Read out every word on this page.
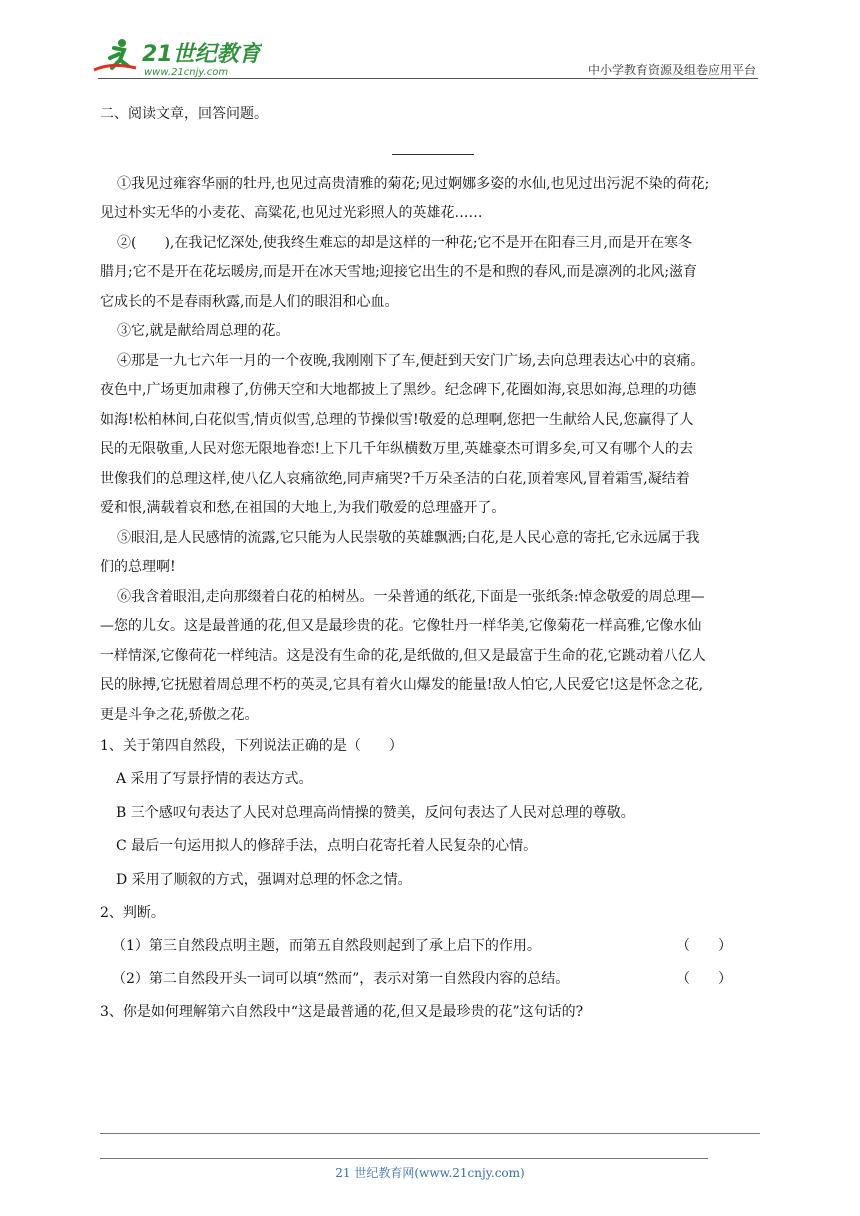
21世纪教育
www.21cnjy.com	中小学教育资源及组卷应用平台
二、阅读文章，回答问题。
①我见过雍容华丽的牡丹,也见过高贵清雅的菊花;见过婀娜多姿的水仙,也见过出污泥不染的荷花;
见过朴实无华的小麦花、高粱花,也见过光彩照人的英雄花……
②(　　),在我记忆深处,使我终生难忘的却是这样的一种花;它不是开在阳春三月,而是开在寒冬
腊月;它不是开在花坛暖房,而是开在冰天雪地;迎接它出生的不是和煦的春风,而是凛冽的北风;滋育
它成长的不是春雨秋露,而是人们的眼泪和心血。
③它,就是献给周总理的花。
④那是一九七六年一月的一个夜晚,我刚刚下了车,便赶到天安门广场,去向总理表达心中的哀痛。
夜色中,广场更加肃穆了,仿佛天空和大地都披上了黑纱。纪念碑下,花圈如海,哀思如海,总理的功德
如海!松柏林间,白花似雪,情贞似雪,总理的节操似雪!敬爱的总理啊,您把一生献给人民,您赢得了人
民的无限敬重,人民对您无限地眷恋!上下几千年纵横数万里,英雄豪杰可谓多矣,可又有哪个人的去
世像我们的总理这样,使八亿人哀痛欲绝,同声痛哭?千万朵圣洁的白花,顶着寒风,冒着霜雪,凝结着
爱和恨,满载着哀和愁,在祖国的大地上,为我们敬爱的总理盛开了。
⑤眼泪,是人民感情的流露,它只能为人民崇敬的英雄飘洒;白花,是人民心意的寄托,它永远属于我
们的总理啊!
⑥我含着眼泪,走向那缀着白花的柏树丛。一朵普通的纸花,下面是一张纸条:悼念敬爱的周总理—
—您的儿女。这是最普通的花,但又是最珍贵的花。它像牡丹一样华美,它像菊花一样高雅,它像水仙
一样情深,它像荷花一样纯洁。这是没有生命的花,是纸做的,但又是最富于生命的花,它跳动着八亿人
民的脉搏,它抚慰着周总理不朽的英灵,它具有着火山爆发的能量!敌人怕它,人民爱它!这是怀念之花,
更是斗争之花,骄傲之花。
1、关于第四自然段，下列说法正确的是（　　）
A 采用了写景抒情的表达方式。
B 三个感叹句表达了人民对总理高尚情操的赞美，反问句表达了人民对总理的尊敬。
C 最后一句运用拟人的修辞手法，点明白花寄托着人民复杂的心情。
D 采用了顺叙的方式，强调对总理的怀念之情。
2、判断。
（1）第三自然段点明主题，而第五自然段则起到了承上启下的作用。	（　　）
（2）第二自然段开头一词可以填“然而”，表示对第一自然段内容的总结。	（　　）
3、你是如何理解第六自然段中“这是最普通的花,但又是最珍贵的花”这句话的?
21 世纪教育网(www.21cnjy.com)
